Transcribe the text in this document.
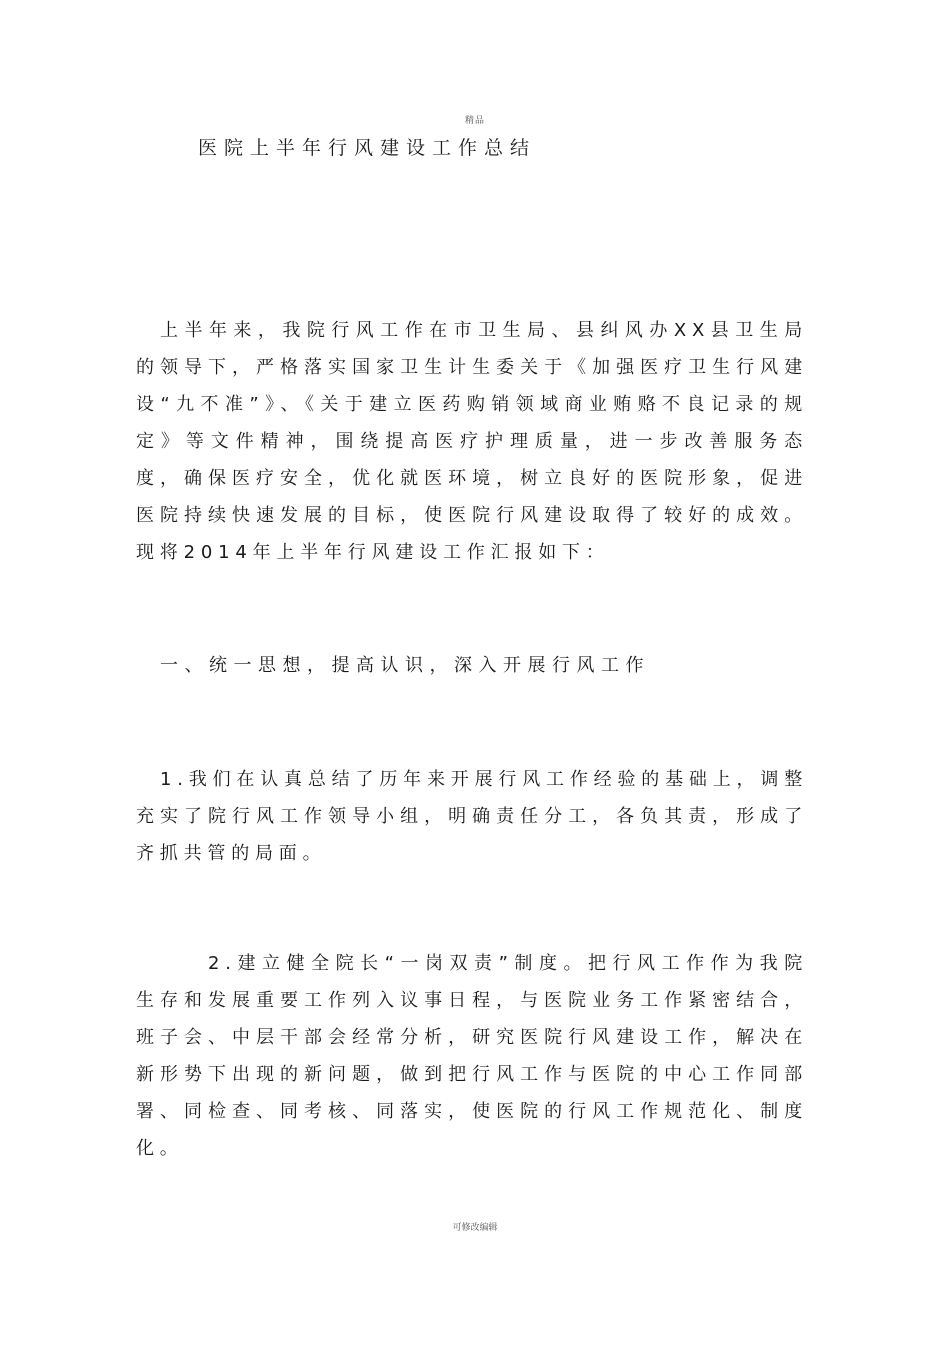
精品
医院上半年行风建设工作总结

上半年来，我院行风工作在市卫生局、县纠风办XX县卫生局的领导下，严格落实国家卫生计生委关于《加强医疗卫生行风建设“九不准”》、《关于建立医药购销领域商业贿赂不良记录的规定》等文件精神，围绕提高医疗护理质量，进一步改善服务态度，确保医疗安全，优化就医环境，树立良好的医院形象，促进医院持续快速发展的目标，使医院行风建设取得了较好的成效。现将2014年上半年行风建设工作汇报如下：

一、统一思想，提高认识，深入开展行风工作

1.我们在认真总结了历年来开展行风工作经验的基础上，调整充实了院行风工作领导小组，明确责任分工，各负其责，形成了齐抓共管的局面。

2.建立健全院长“一岗双责”制度。把行风工作作为我院生存和发展重要工作列入议事日程，与医院业务工作紧密结合，班子会、中层干部会经常分析，研究医院行风建设工作，解决在新形势下出现的新问题，做到把行风工作与医院的中心工作同部署、同检查、同考核、同落实，使医院的行风工作规范化、制度化。

可修改编辑
